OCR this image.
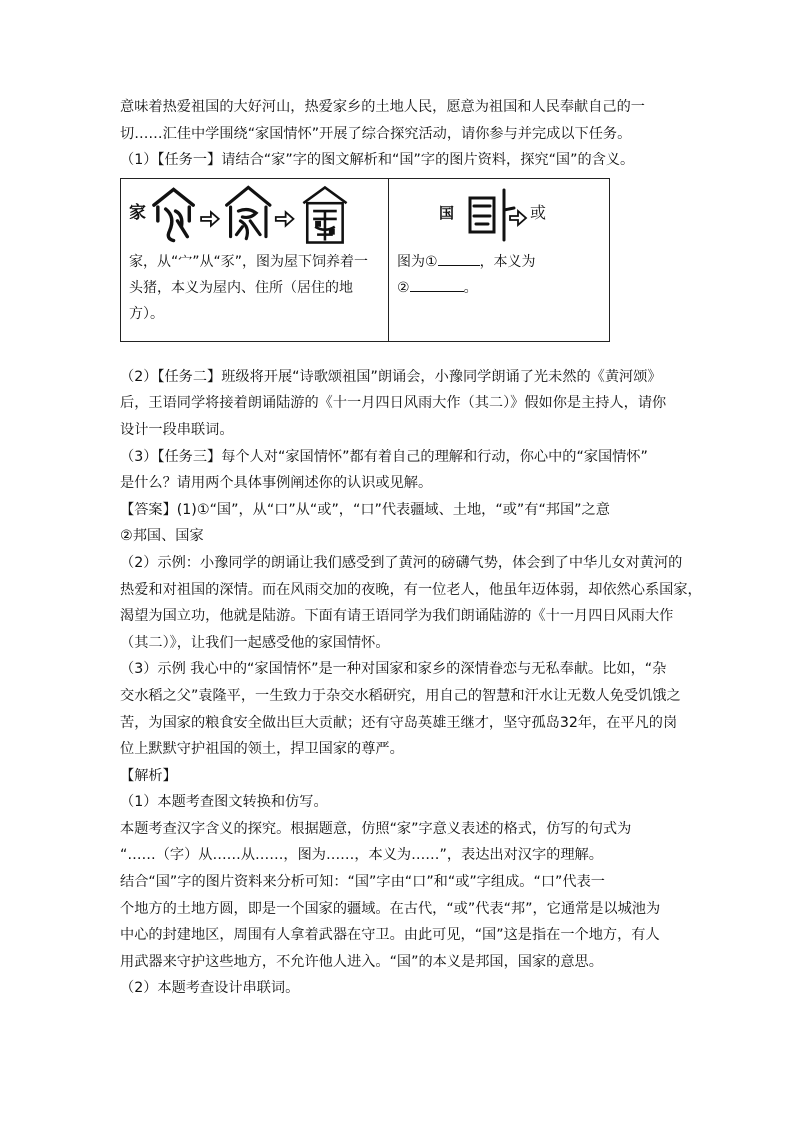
意味着热爱祖国的大好河山，热爱家乡的土地人民，愿意为祖国和人民奉献自己的一

切……汇佳中学围绕“家国情怀”开展了综合探究活动，请你参与并完成以下任务。

（1）【任务一】请结合“家”字的图文解析和“国”字的图片资料，探究“国”的含义。

家
家，从“宀”从“豕”，图为屋下饲养着一头猪，本义为屋内、住所（居住的地方）。
国	或
图为①	，本义为
②	。

（2）【任务二】班级将开展“诗歌颂祖国”朗诵会，小豫同学朗诵了光未然的《黄河颂》

后，王语同学将接着朗诵陆游的《十一月四日风雨大作（其二）》假如你是主持人，请你

设计一段串联词。

（3）【任务三】每个人对“家国情怀”都有着自己的理解和行动，你心中的“家国情怀”

是什么？请用两个具体事例阐述你的认识或见解。

【答案】(1)①“国”，从“口”从“或”，“口”代表疆域、土地，“或”有“邦国”之意

②邦国、国家

（2）示例：小豫同学的朗诵让我们感受到了黄河的磅礴气势，体会到了中华儿女对黄河的

热爱和对祖国的深情。而在风雨交加的夜晚，有一位老人，他虽年迈体弱，却依然心系国家，

渴望为国立功，他就是陆游。下面有请王语同学为我们朗诵陆游的《十一月四日风雨大作

（其二）》，让我们一起感受他的家国情怀。

（3）示例 我心中的“家国情怀”是一种对国家和家乡的深情眷恋与无私奉献。比如，“杂

交水稻之父”袁隆平，一生致力于杂交水稻研究，用自己的智慧和汗水让无数人免受饥饿之

苦，为国家的粮食安全做出巨大贡献；还有守岛英雄王继才，坚守孤岛32年，在平凡的岗

位上默默守护祖国的领土，捍卫国家的尊严。

【解析】

（1）本题考查图文转换和仿写。

本题考查汉字含义的探究。根据题意，仿照“家”字意义表述的格式，仿写的句式为

“……（字）从……从……，图为……，本义为……”，表达出对汉字的理解。

结合“国”字的图片资料来分析可知：“国”字由“口”和“或”字组成。“口”代表一

个地方的土地方圆，即是一个国家的疆域。在古代，“或”代表“邦”，它通常是以城池为

中心的封建地区，周围有人拿着武器在守卫。由此可见，“国”这是指在一个地方，有人

用武器来守护这些地方，不允许他人进入。“国”的本义是邦国，国家的意思。

（2）本题考查设计串联词。
